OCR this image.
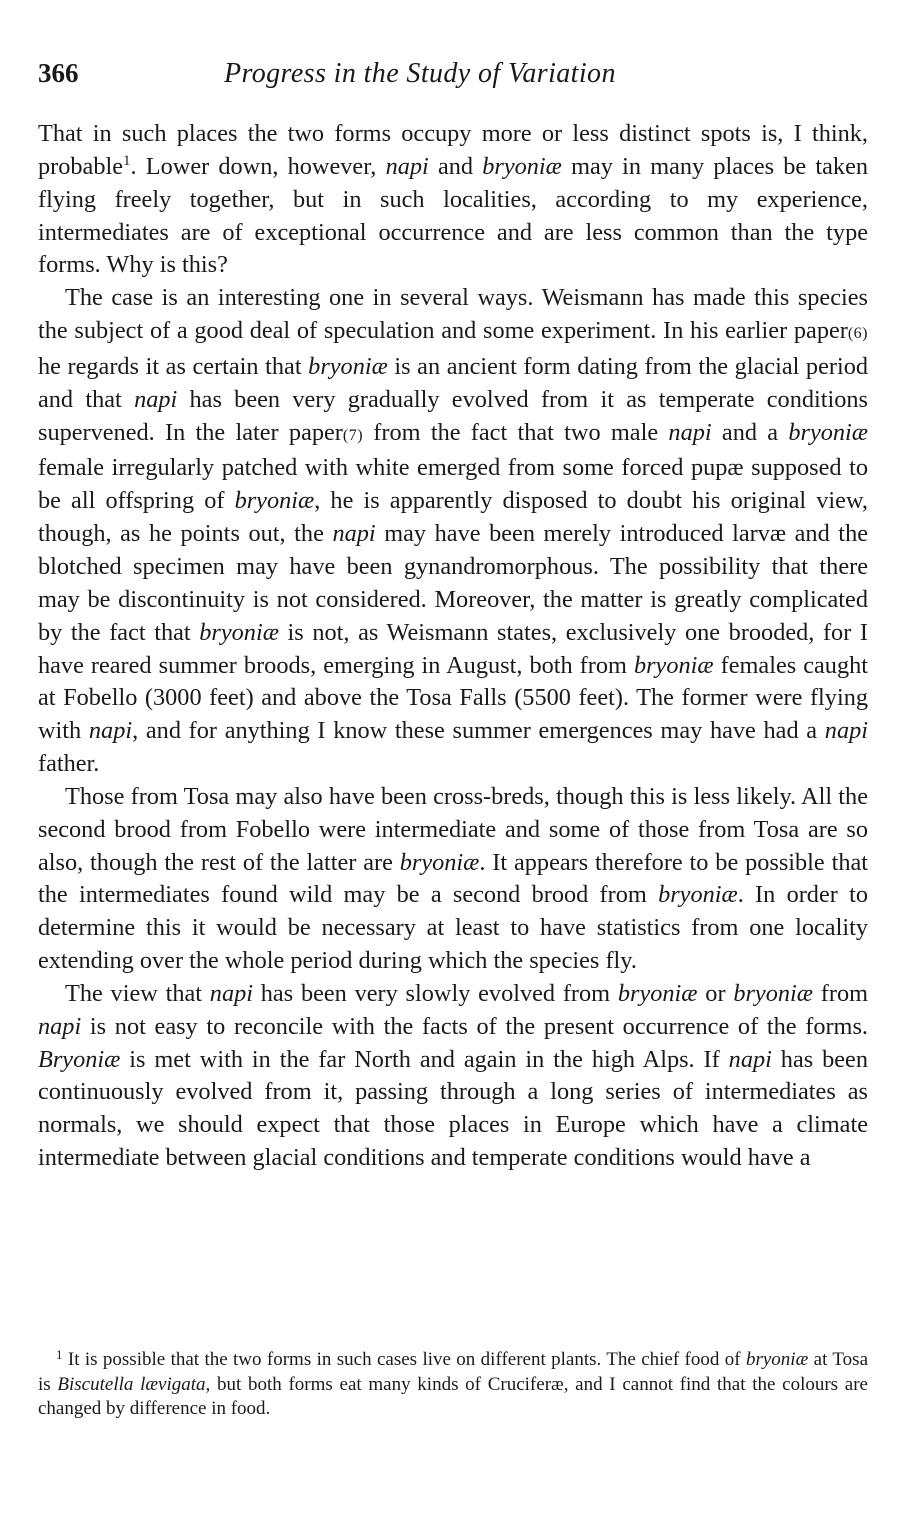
366	Progress in the Study of Variation

That in such places the two forms occupy more or less distinct spots is, I think, probable$^1$. Lower down, however, napi and bryoniæ may in many places be taken flying freely together, but in such localities, according to my experience, intermediates are of exceptional occurrence and are less common than the type forms. Why is this?

The case is an interesting one in several ways. Weismann has made this species the subject of a good deal of speculation and some experiment. In his earlier paper(6) he regards it as certain that bryoniæ is an ancient form dating from the glacial period and that napi has been very gradually evolved from it as temperate conditions supervened. In the later paper(7) from the fact that two male napi and a bryoniæ female irregularly patched with white emerged from some forced pupæ supposed to be all offspring of bryoniæ, he is apparently disposed to doubt his original view, though, as he points out, the napi may have been merely introduced larvæ and the blotched specimen may have been gynandromorphous. The possibility that there may be discontinuity is not considered. Moreover, the matter is greatly complicated by the fact that bryoniæ is not, as Weismann states, exclusively one brooded, for I have reared summer broods, emerging in August, both from bryoniæ females caught at Fobello (3000 feet) and above the Tosa Falls (5500 feet). The former were flying with napi, and for anything I know these summer emergences may have had a napi father.

Those from Tosa may also have been cross-breds, though this is less likely. All the second brood from Fobello were intermediate and some of those from Tosa are so also, though the rest of the latter are bryoniæ. It appears therefore to be possible that the intermediates found wild may be a second brood from bryoniæ. In order to determine this it would be necessary at least to have statistics from one locality extending over the whole period during which the species fly.

The view that napi has been very slowly evolved from bryoniæ or bryoniæ from napi is not easy to reconcile with the facts of the present occurrence of the forms. Bryoniæ is met with in the far North and again in the high Alps. If napi has been continuously evolved from it, passing through a long series of intermediates as normals, we should expect that those places in Europe which have a climate intermediate between glacial conditions and temperate conditions would have a

$^1$ It is possible that the two forms in such cases live on different plants. The chief food of bryoniæ at Tosa is Biscutella lævigata, but both forms eat many kinds of Cruciferæ, and I cannot find that the colours are changed by difference in food.
